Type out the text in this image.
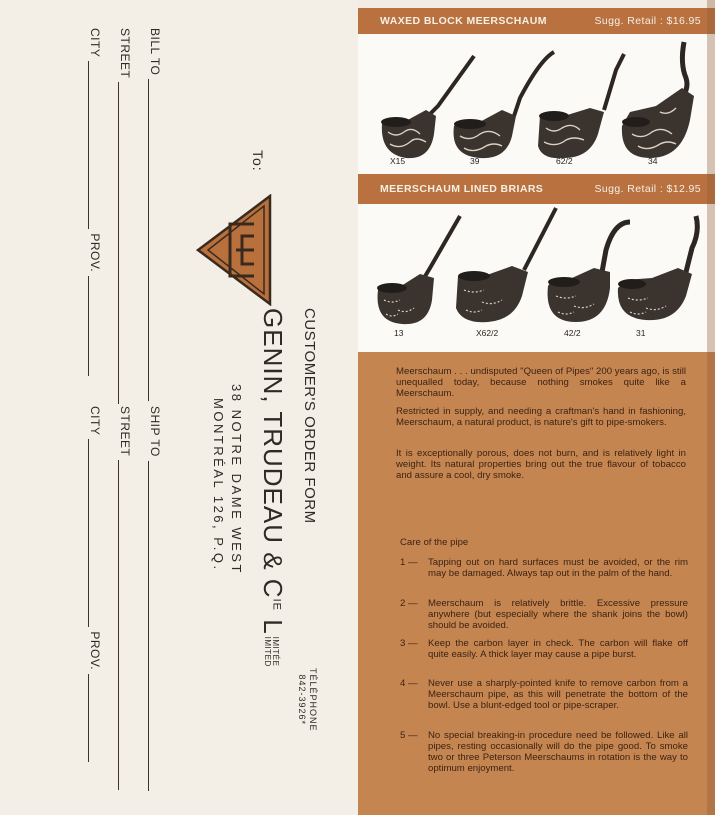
BILL TO
STREET
CITY
PROV.
SHIP TO
STREET
CITY
PROV.
To:
CUSTOMER'S ORDER FORM
GENIN, TRUDEAU & $C^{IE}$ L
IMITÉE
IMITED
38 NOTRE DAME WEST
MONTRÉAL 126, P.Q.
TÉLÉPHONE
842-3926*
WAXED BLOCK MEERSCHAUM	Sugg. Retail : $16.95
X15	39	62/2	34
MEERSCHAUM LINED BRIARS	Sugg. Retail : $12.95
13	X62/2	42/2	31

Meerschaum . . . undisputed "Queen of Pipes" 200 years ago, is still unequalled today, because nothing smokes quite like a Meerschaum.

Restricted in supply, and needing a craftman's hand in fashioning, Meerschaum, a natural product, is nature's gift to pipe-smokers.

It is exceptionally porous, does not burn, and is relatively light in weight. Its natural properties bring out the true flavour of tobacco and assure a cool, dry smoke.

Care of the pipe
1 —	Tapping out on hard surfaces must be avoided, or the rim may be damaged. Always tap out in the palm of the hand.
2 —	Meerschaum is relatively brittle. Excessive pressure anywhere (but especially where the shank joins the bowl) should be avoided.
3 —	Keep the carbon layer in check. The carbon will flake off quite easily. A thick layer may cause a pipe burst.
4 —	Never use a sharply-pointed knife to remove carbon from a Meerschaum pipe, as this will penetrate the bottom of the bowl. Use a blunt-edged tool or pipe-scraper.
5 —	No special breaking-in procedure need be followed. Like all pipes, resting occasionally will do the pipe good. To smoke two or three Peterson Meerschaums in rotation is the way to optimum enjoyment.
